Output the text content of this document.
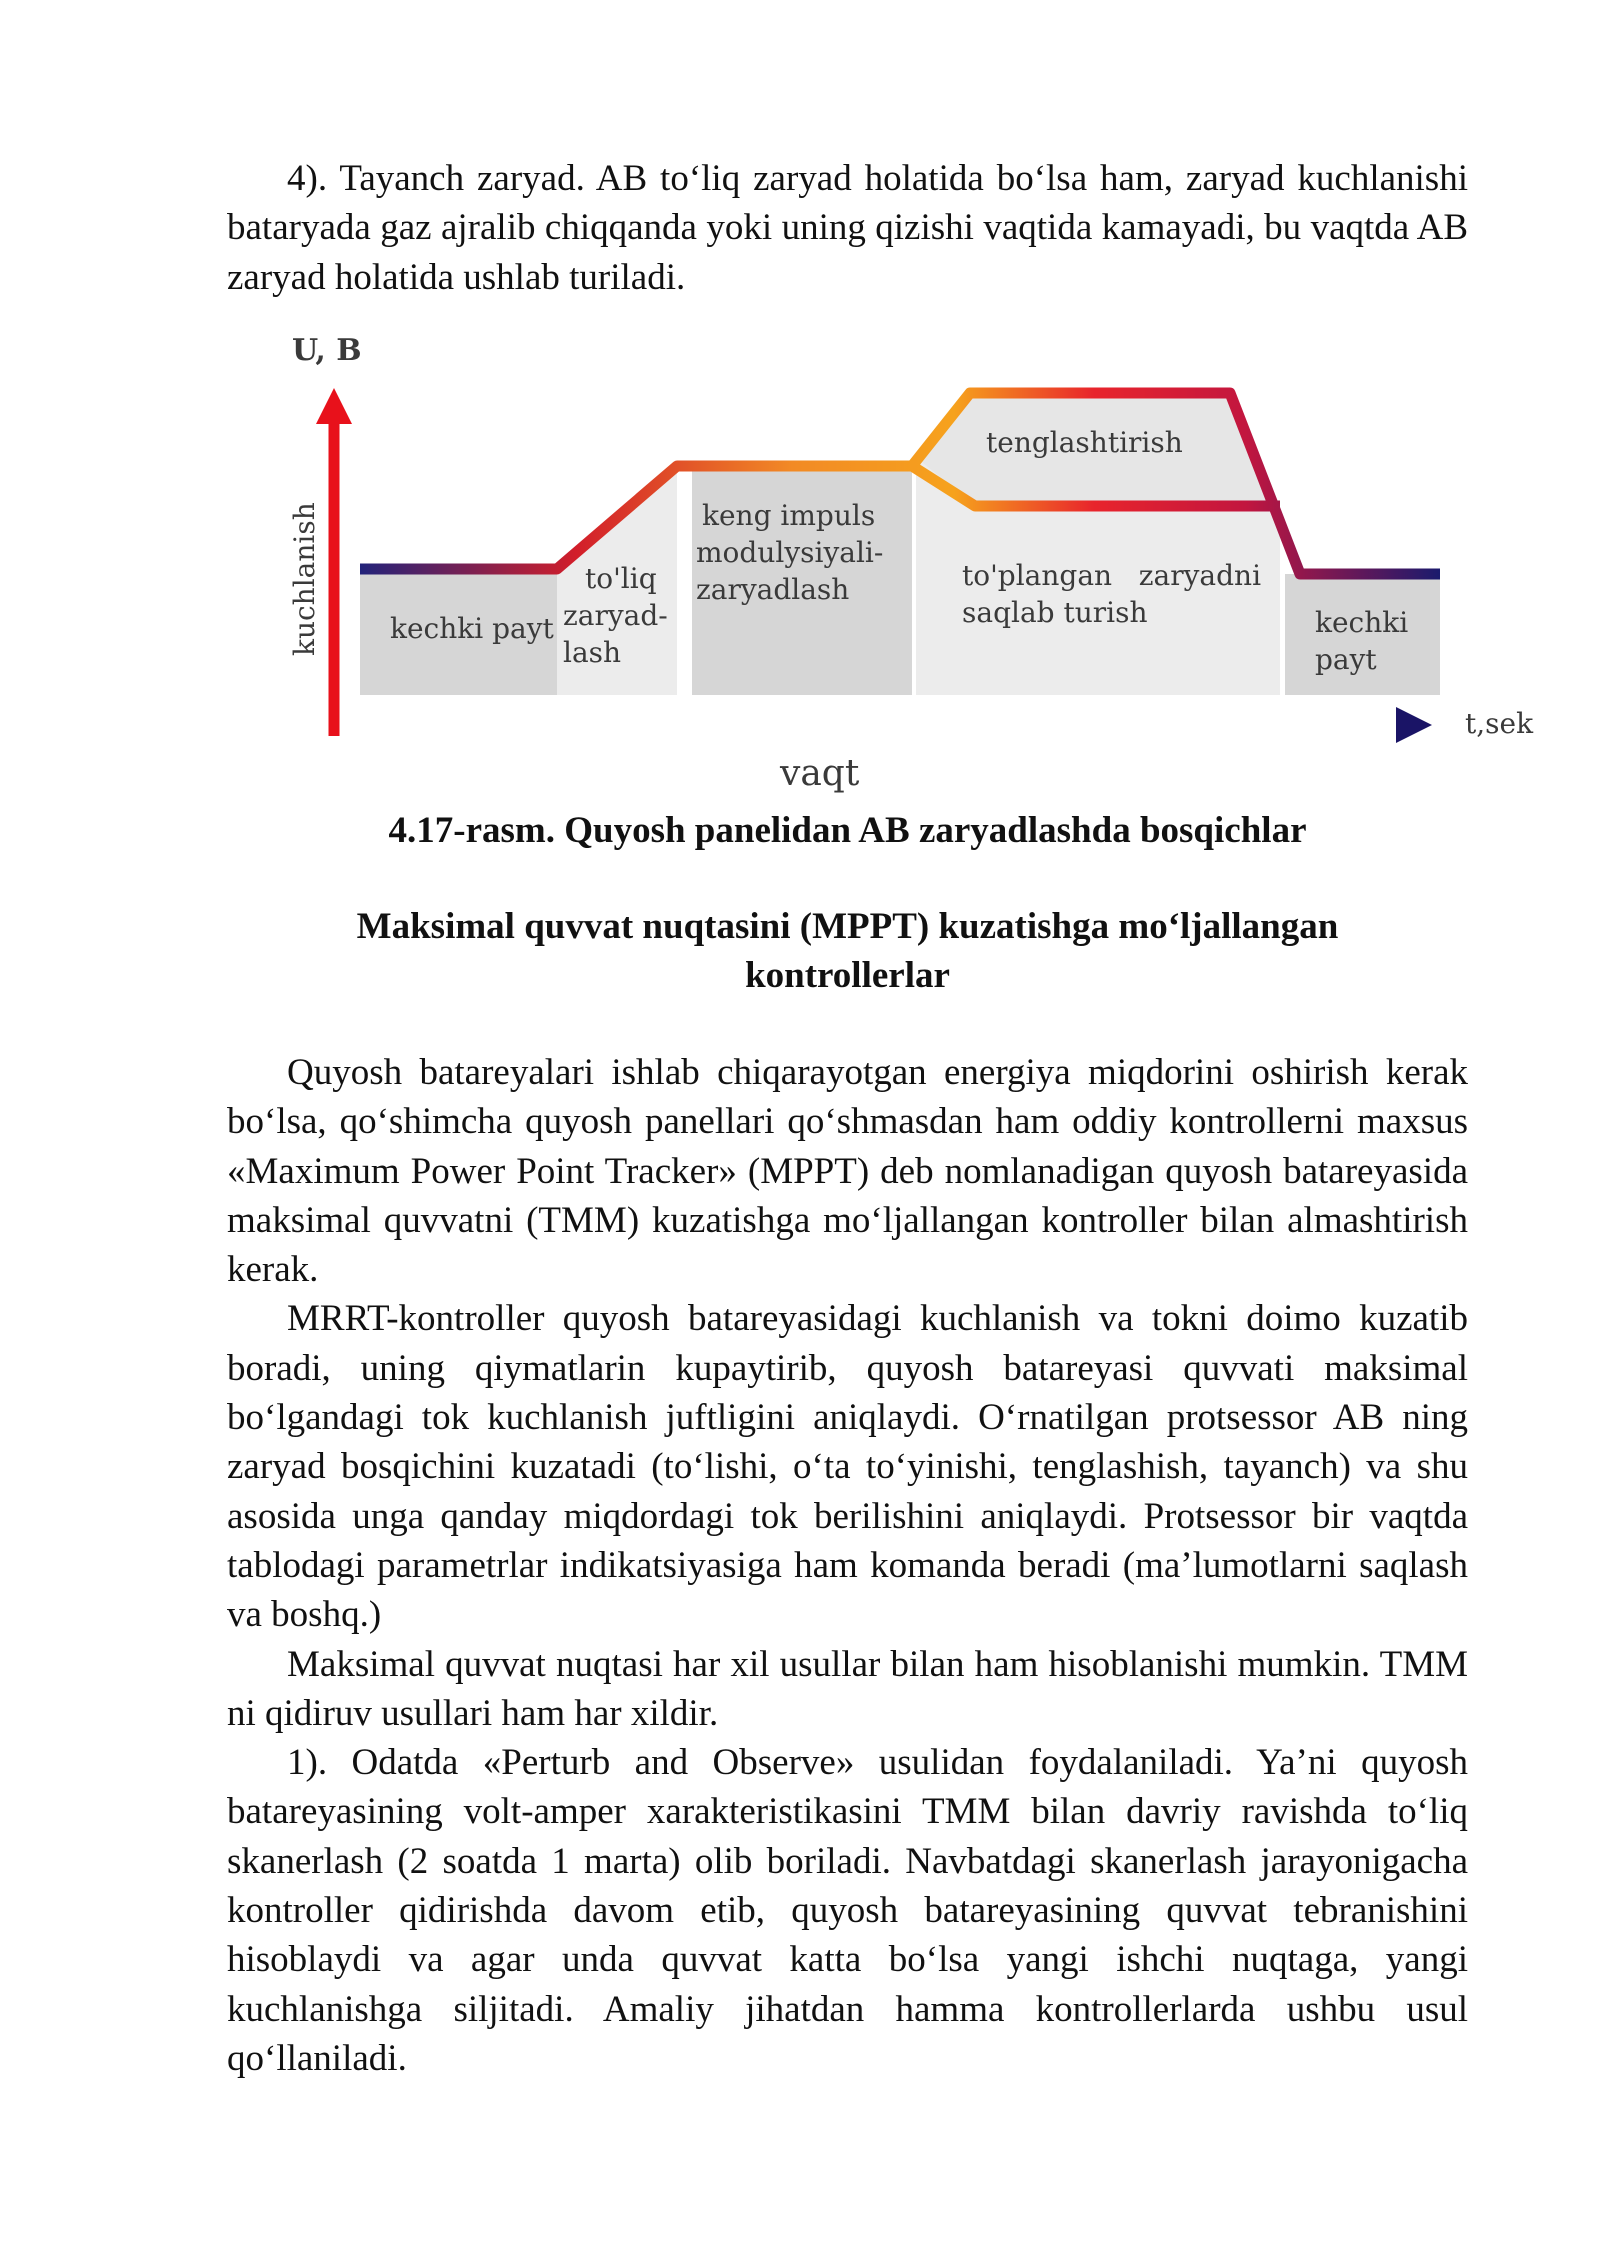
4). Tayanch zaryad. AB to‘liq zaryad holatida bo‘lsa ham, zaryad kuchlanishi bataryada gaz ajralib chiqqanda yoki uning qizishi vaqtida kamayadi, bu vaqtda AB zaryad holatida ushlab turiladi.

U, B
kuchlanish
t,sek
vaqt
kechki payt
to'liq
zaryad-
lash
keng impuls
modulysiyali-
zaryadlash
tenglashtirish
to'plangan   zaryadni
saqlab turish	kechki
payt

4.17-rasm. Quyosh panelidan AB zaryadlashda bosqichlar

Maksimal quvvat nuqtasini (MPPT) kuzatishga mo‘ljallangan

kontrollerlar

Quyosh batareyalari ishlab chiqarayotgan energiya miqdorini oshirish kerak bo‘lsa, qo‘shimcha quyosh panellari qo‘shmasdan ham oddiy kontrollerni maxsus «Maximum Power Point Tracker» (MPPT) deb nomlanadigan quyosh batareyasida maksimal quvvatni (TMM) kuzatishga mo‘ljallangan kontroller bilan almashtirish kerak.

MRRT-kontroller quyosh batareyasidagi kuchlanish va tokni doimo kuzatib boradi, uning qiymatlarin kupaytirib, quyosh batareyasi quvvati maksimal bo‘lgandagi tok kuchlanish juftligini aniqlaydi. O‘rnatilgan protsessor AB ning zaryad bosqichini kuzatadi (to‘lishi, o‘ta to‘yinishi, tenglashish, tayanch) va shu asosida unga qanday miqdordagi tok berilishini aniqlaydi. Protsessor bir vaqtda tablodagi parametrlar indikatsiyasiga ham komanda beradi (ma’lumotlarni saqlash va boshq.)

Maksimal quvvat nuqtasi har xil usullar bilan ham hisoblanishi mumkin. TMM ni qidiruv usullari ham har xildir.

1). Odatda «Perturb and Observe» usulidan foydalaniladi. Ya’ni quyosh batareyasining volt-amper xarakteristikasini TMM bilan davriy ravishda to‘liq skanerlash (2 soatda 1 marta) olib boriladi. Navbatdagi skanerlash jarayonigacha kontroller qidirishda davom etib, quyosh batareyasining quvvat tebranishini hisoblaydi va agar unda quvvat katta bo‘lsa yangi ishchi nuqtaga, yangi kuchlanishga siljitadi. Amaliy jihatdan hamma kontrollerlarda ushbu usul qo‘llaniladi.
